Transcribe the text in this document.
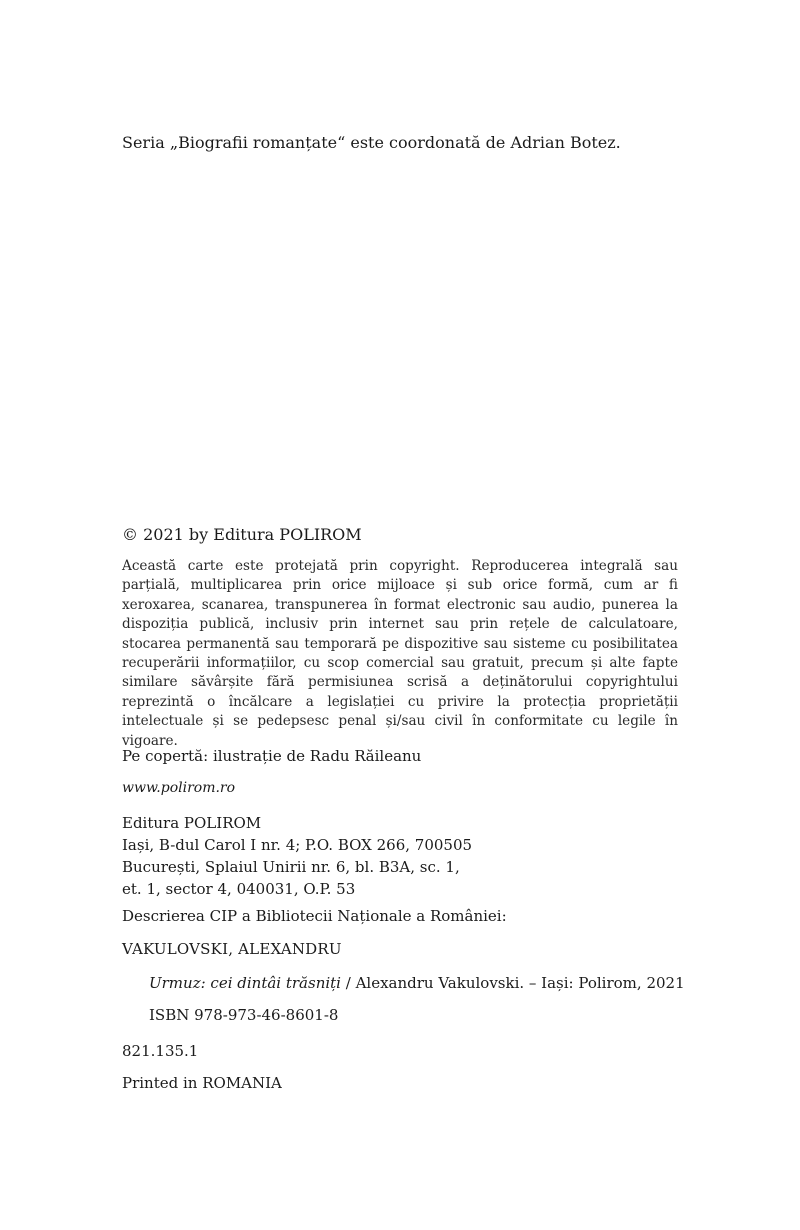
Seria „Biografii romanțate“ este coordonată de Adrian Botez.
© 2021 by Editura POLIROM
Această carte este protejată prin copyright. Reproducerea integrală sau parțială, multiplicarea prin orice mijloace și sub orice formă, cum ar fi xeroxarea, scanarea, transpunerea în format electronic sau audio, punerea la dispoziția publică, inclusiv prin internet sau prin rețele de calculatoare, stocarea permanentă sau temporară pe dispozitive sau sisteme cu posibilitatea recuperării informațiilor, cu scop comercial sau gratuit, precum și alte fapte similare săvârșite fără permisiunea scrisă a deținătorului copyrightului reprezintă o încălcare a legislației cu privire la protecția proprietății intelectuale și se pedepsesc penal și/sau civil în conformitate cu legile în vigoare.
Pe copertă: ilustrație de Radu Răileanu
www.polirom.ro
Editura POLIROM
Iași, B-dul Carol I nr. 4; P.O. BOX 266, 700505
București, Splaiul Unirii nr. 6, bl. B3A, sc. 1,
et. 1, sector 4, 040031, O.P. 53
Descrierea CIP a Bibliotecii Naționale a României:
VAKULOVSKI, ALEXANDRU
Urmuz: cei dintâi trăsniți / Alexandru Vakulovski. – Iași: Polirom, 2021
ISBN 978-973-46-8601-8
821.135.1
Printed in ROMANIA
